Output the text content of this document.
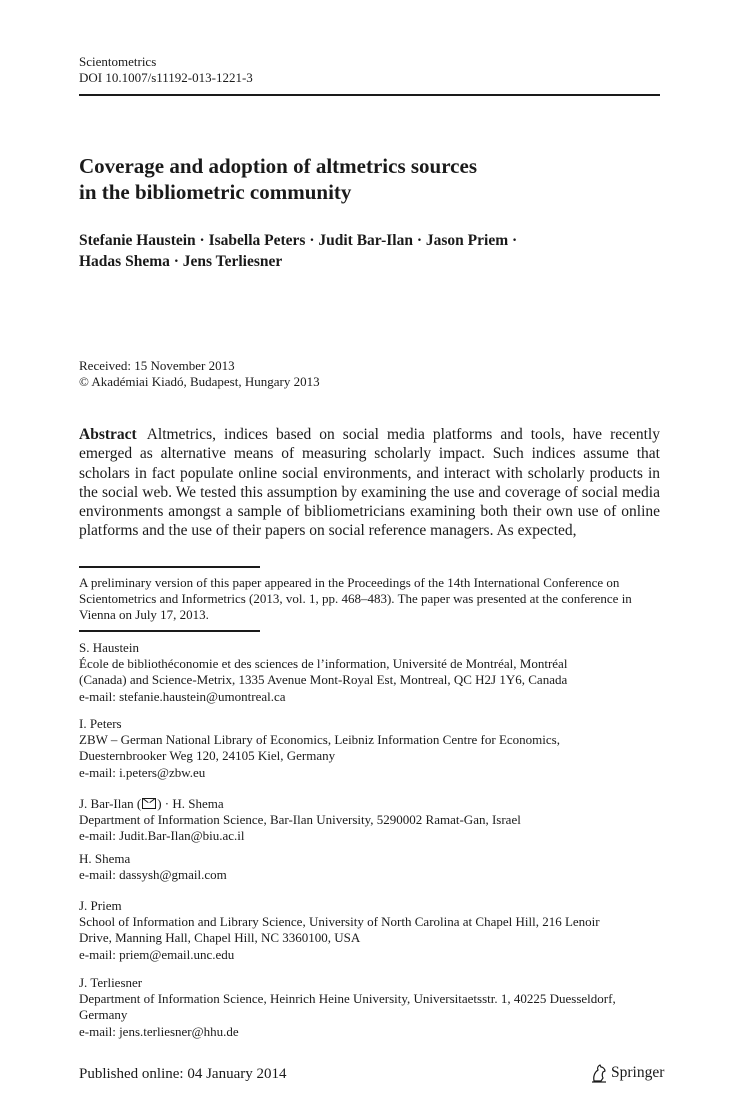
Scientometrics
DOI 10.1007/s11192-013-1221-3
Coverage and adoption of altmetrics sources
in the bibliometric community
Stefanie Haustein · Isabella Peters · Judit Bar-Ilan · Jason Priem ·
Hadas Shema · Jens Terliesner
Received: 15 November 2013
© Akadémiai Kiadó, Budapest, Hungary 2013
Abstract Altmetrics, indices based on social media platforms and tools, have recently emerged as alternative means of measuring scholarly impact. Such indices assume that scholars in fact populate online social environments, and interact with scholarly products in the social web. We tested this assumption by examining the use and coverage of social media environments amongst a sample of bibliometricians examining both their own use of online platforms and the use of their papers on social reference managers. As expected,
A preliminary version of this paper appeared in the Proceedings of the 14th International Conference on Scientometrics and Informetrics (2013, vol. 1, pp. 468–483). The paper was presented at the conference in Vienna on July 17, 2013.
S. Haustein
École de bibliothéconomie et des sciences de l’information, Université de Montréal, Montréal
(Canada) and Science-Metrix, 1335 Avenue Mont-Royal Est, Montreal, QC H2J 1Y6, Canada
e-mail: stefanie.haustein@umontreal.ca
I. Peters
ZBW – German National Library of Economics, Leibniz Information Centre for Economics,
Duesternbrooker Weg 120, 24105 Kiel, Germany
e-mail: i.peters@zbw.eu
J. Bar-Ilan ( ) · H. Shema
Department of Information Science, Bar-Ilan University, 5290002 Ramat-Gan, Israel
e-mail: Judit.Bar-Ilan@biu.ac.il
H. Shema
e-mail: dassysh@gmail.com
J. Priem
School of Information and Library Science, University of North Carolina at Chapel Hill, 216 Lenoir
Drive, Manning Hall, Chapel Hill, NC 3360100, USA
e-mail: priem@email.unc.edu
J. Terliesner
Department of Information Science, Heinrich Heine University, Universitaetsstr. 1, 40225 Duesseldorf,
Germany
e-mail: jens.terliesner@hhu.de
Published online: 04 January 2014	Springer
